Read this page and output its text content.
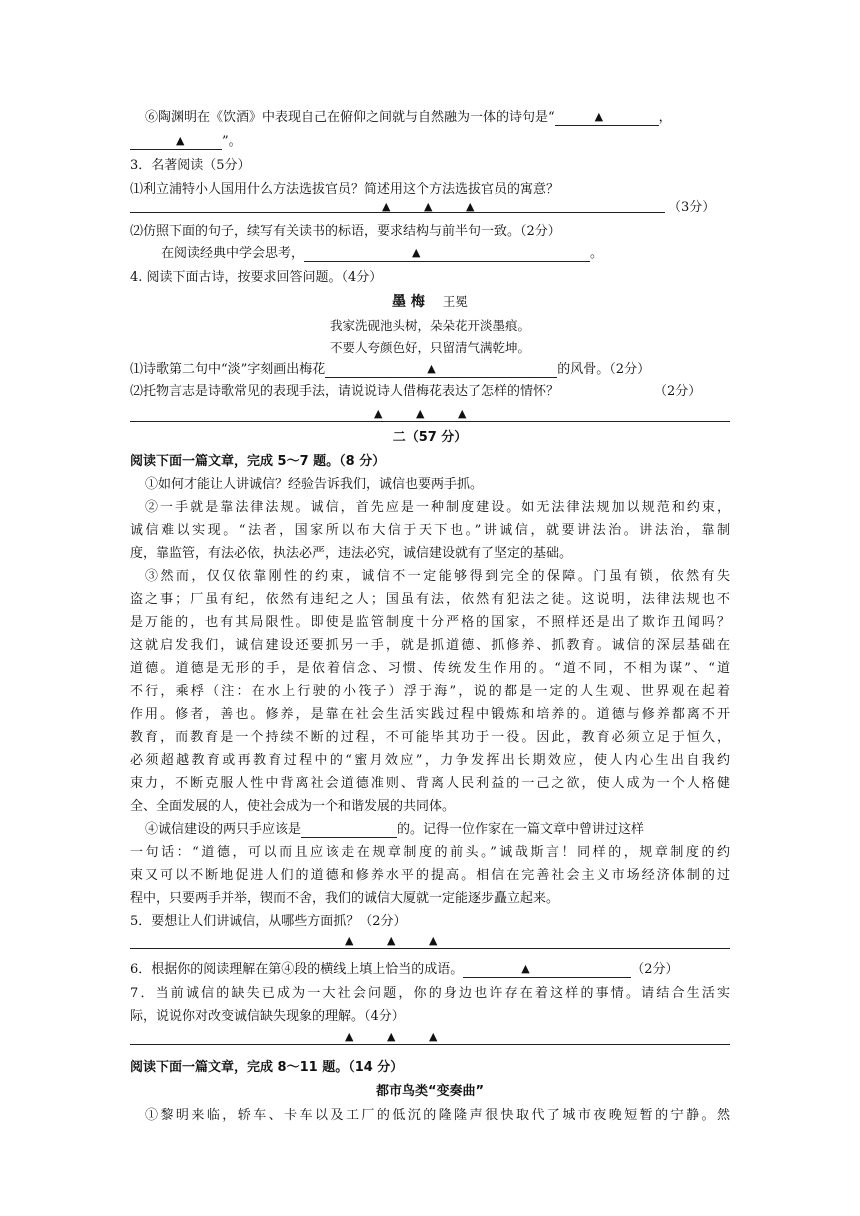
⑥陶渊明在《饮酒》中表现自己在俯仰之间就与自然融为一体的诗句是“	▲	，
▲	”。
3．名著阅读（5分）
⑴利立浦特小人国用什么方法选拔官员？简述用这个方法选拔官员的寓意？
▲	▲	▲	（3分）
⑵仿照下面的句子，续写有关读书的标语，要求结构与前半句一致。（2分）
在阅读经典中学会思考，	▲	。
4. 阅读下面古诗，按要求回答问题。（4分）
墨 梅 王冕
我家洗砚池头树，朵朵花开淡墨痕。
不要人夸颜色好，只留清气满乾坤。
⑴诗歌第二句中“淡”字刻画出梅花	▲	的风骨。（2分）
⑵托物言志是诗歌常见的表现手法，请说说诗人借梅花表达了怎样的情怀？	（2分）
▲	▲	▲
二（57 分）
阅读下面一篇文章，完成 5～7 题。（8 分）
①如何才能让人讲诚信？经验告诉我们，诚信也要两手抓。
②一手就是靠法律法规。诚信，首先应是一种制度建设。如无法律法规加以规范和约束，
诚信难以实现。“法者，国家所以布大信于天下也。”讲诚信，就要讲法治。讲法治，靠制
度，靠监管，有法必依，执法必严，违法必究，诚信建设就有了坚定的基础。
③然而，仅仅依靠刚性的约束，诚信不一定能够得到完全的保障。门虽有锁，依然有失
盗之事；厂虽有纪，依然有违纪之人；国虽有法，依然有犯法之徒。这说明，法律法规也不
是万能的，也有其局限性。即使是监管制度十分严格的国家，不照样还是出了欺诈丑闻吗？
这就启发我们，诚信建设还要抓另一手，就是抓道德、抓修养、抓教育。诚信的深层基础在
道德。道德是无形的手，是依着信念、习惯、传统发生作用的。“道不同，不相为谋”、“道
不行，乘桴（注：在水上行驶的小筏子）浮于海”，说的都是一定的人生观、世界观在起着
作用。修者，善也。修养，是靠在社会生活实践过程中锻炼和培养的。道德与修养都离不开
教育，而教育是一个持续不断的过程，不可能毕其功于一役。因此，教育必须立足于恒久，
必须超越教育或再教育过程中的“蜜月效应”，力争发挥出长期效应，使人内心生出自我约
束力，不断克服人性中背离社会道德准则、背离人民利益的一己之欲，使人成为一个人格健
全、全面发展的人，使社会成为一个和谐发展的共同体。
④诚信建设的两只手应该是	的。记得一位作家在一篇文章中曾讲过这样
一句话：“道德，可以而且应该走在规章制度的前头。”诚哉斯言！同样的，规章制度的约
束又可以不断地促进人们的道德和修养水平的提高。相信在完善社会主义市场经济体制的过
程中，只要两手并举，锲而不舍，我们的诚信大厦就一定能逐步矗立起来。
5．要想让人们讲诚信，从哪些方面抓？（2分）
▲	▲	▲
6．根据你的阅读理解在第④段的横线上填上恰当的成语。	▲	（2分）
7．当前诚信的缺失已成为一大社会问题，你的身边也许存在着这样的事情。请结合生活实
际，说说你对改变诚信缺失现象的理解。（4分）
▲	▲	▲
阅读下面一篇文章，完成 8～11 题。（14 分）
都市鸟类“变奏曲”
①黎明来临，轿车、卡车以及工厂的低沉的隆隆声很快取代了城市夜晚短暂的宁静。然
